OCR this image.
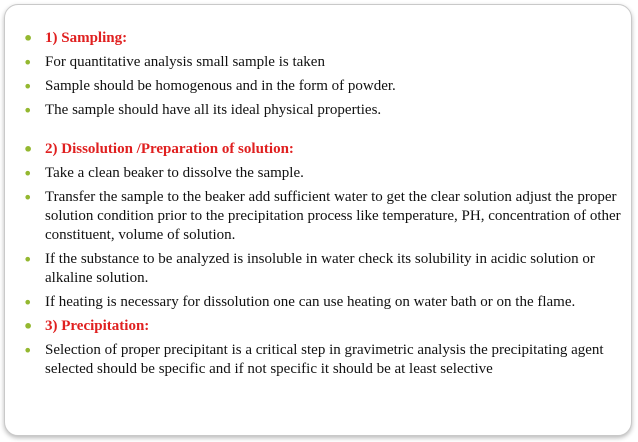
• 1) Sampling:
• For quantitative analysis small sample is taken
• Sample should be homogenous and in the form of powder.
• The sample should have all its ideal physical properties.
• 2) Dissolution /Preparation of solution:
• Take a clean beaker to dissolve the sample.
• Transfer the sample to the beaker add sufficient water to get the clear solution adjust the proper solution condition prior to the precipitation process like temperature, PH, concentration of other constituent, volume of solution.
• If the substance to be analyzed is insoluble in water check its solubility in acidic solution or alkaline solution.
• If heating is necessary for dissolution one can use heating on water bath or on the flame.
• 3) Precipitation:
• Selection of proper precipitant is a critical step in gravimetric analysis the precipitating agent selected should be specific and if not specific it should be at least selective
